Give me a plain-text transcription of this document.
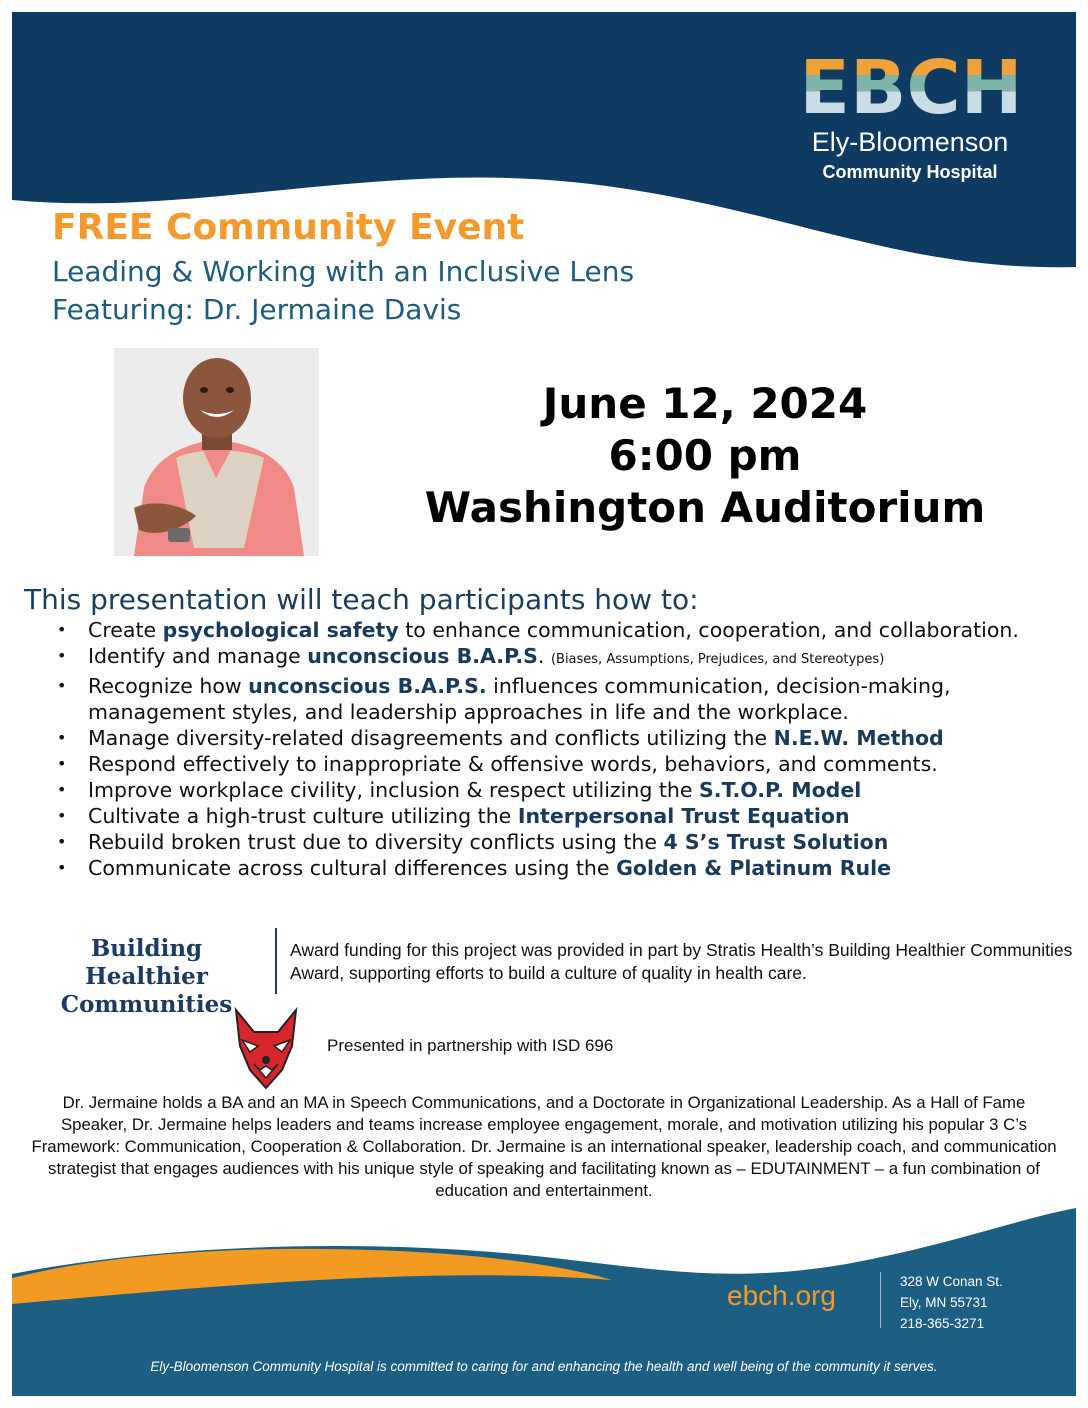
E B C H
Ely-Bloomenson
Community Hospital
FREE Community Event
Leading & Working with an Inclusive Lens
Featuring: Dr. Jermaine Davis
June 12, 2024
6:00 pm
Washington Auditorium
This presentation will teach participants how to:
• Create psychological safety to enhance communication, cooperation, and collaboration.
• Identify and manage unconscious B.A.P.S. (Biases, Assumptions, Prejudices, and Stereotypes)
• Recognize how unconscious B.A.P.S. influences communication, decision-making, management styles, and leadership approaches in life and the workplace.
• Manage diversity-related disagreements and conflicts utilizing the N.E.W. Method
• Respond effectively to inappropriate & offensive words, behaviors, and comments.
• Improve workplace civility, inclusion & respect utilizing the S.T.O.P. Model
• Cultivate a high-trust culture utilizing the Interpersonal Trust Equation
• Rebuild broken trust due to diversity conflicts using the 4 S’s Trust Solution
• Communicate across cultural differences using the Golden & Platinum Rule
Building Healthier
Communities
Award funding for this project was provided in part by Stratis Health’s Building Healthier Communities Award, supporting efforts to build a culture of quality in health care.
Presented in partnership with ISD 696
Dr. Jermaine holds a BA and an MA in Speech Communications, and a Doctorate in Organizational Leadership. As a Hall of Fame Speaker, Dr. Jermaine helps leaders and teams increase employee engagement, morale, and motivation utilizing his popular 3 C’s Framework: Communication, Cooperation & Collaboration. Dr. Jermaine is an international speaker, leadership coach, and communication strategist that engages audiences with his unique style of speaking and facilitating known as – EDUTAINMENT – a fun combination of education and entertainment.
ebch.org	328 W Conan St.
Ely, MN 55731
218-365-3271
Ely-Bloomenson Community Hospital is committed to caring for and enhancing the health and well being of the community it serves.
